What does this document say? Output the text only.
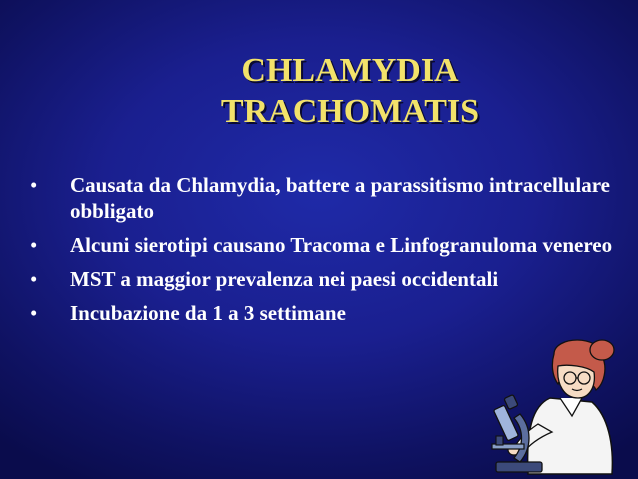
CHLAMYDIA
TRACHOMATIS
•	Causata da Chlamydia, battere a parassitismo intracellulare obbligato
•	Alcuni sierotipi causano Tracoma e Linfogranuloma venereo
•	MST a maggior prevalenza nei paesi occidentali
•	Incubazione da 1 a 3 settimane
